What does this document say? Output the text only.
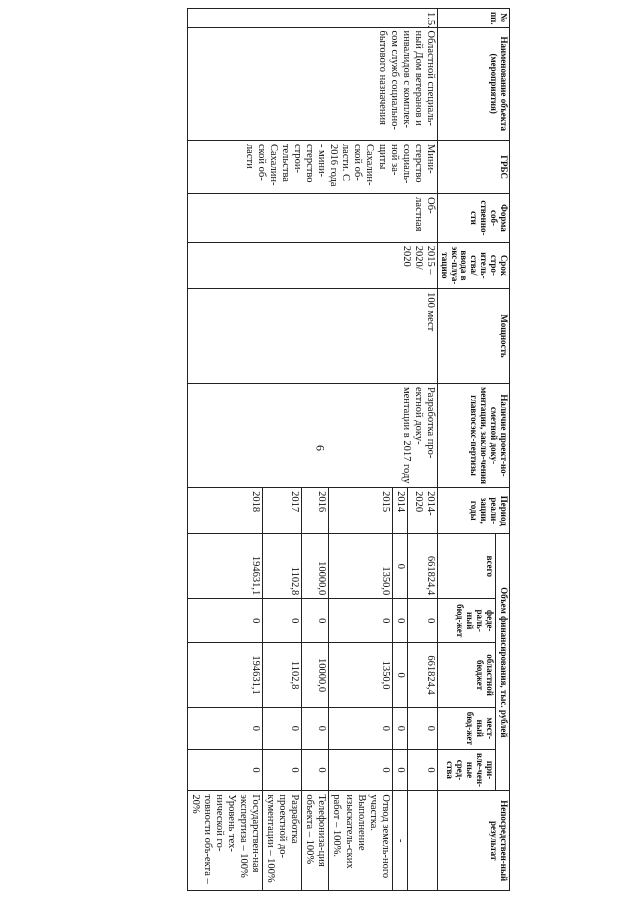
6
№ пп.	Наименование объекта (мероприятия)	ГРБС	Форма соб-ственно-сти	Срок стро-итель-ства/ ввода в экс-плуа-тацию	Мощность	Наличие проект-но-сметной доку-ментации, заклю-чения главгосэкс-пертизы	Период реали-зации, годы	Объем финансирования, тыс. рублей					Непосредствен-ный результат
								всего	феде-раль-ный бюд-жет	областной бюджет	мест-ный бюд-жет	при-вле-чен-ные сред-ства	
1.5.	Областной специаль-ный Дом ветеранов и инвалидов с комплек-сом служб социально-бытового назначения	Мини-стерство социаль-ной за-щиты Сахалин-ской об-ласти. С 2016 года - мини-стерство строи-тельства Сахалин-ской об-ласти	Об-ластная	2015 – 2020/ 2020	100 мест	Разработка про-ектной доку-ментации в 2017 году	2014-2020	661824,4	0	661824,4	0	0	
							2014	0	0	0	0	0	-
							2015	1350,0	0	1350,0	0	0	Отвод земель-ного участка. Выполнение изыскатель-ских работ – 100%.
							2016	10000,0	0	10000,0	0	0	Телефониза-ция объекта – 100%
							2017	1102,8	0	1102,8	0	0	Разработка проектной до-кументации – 100%
							2018	194631,1	0	194631,1	0	0	Государствен-ная экспертиза – 100% Уровень тех-нической го-товности объ-екта – 20%
